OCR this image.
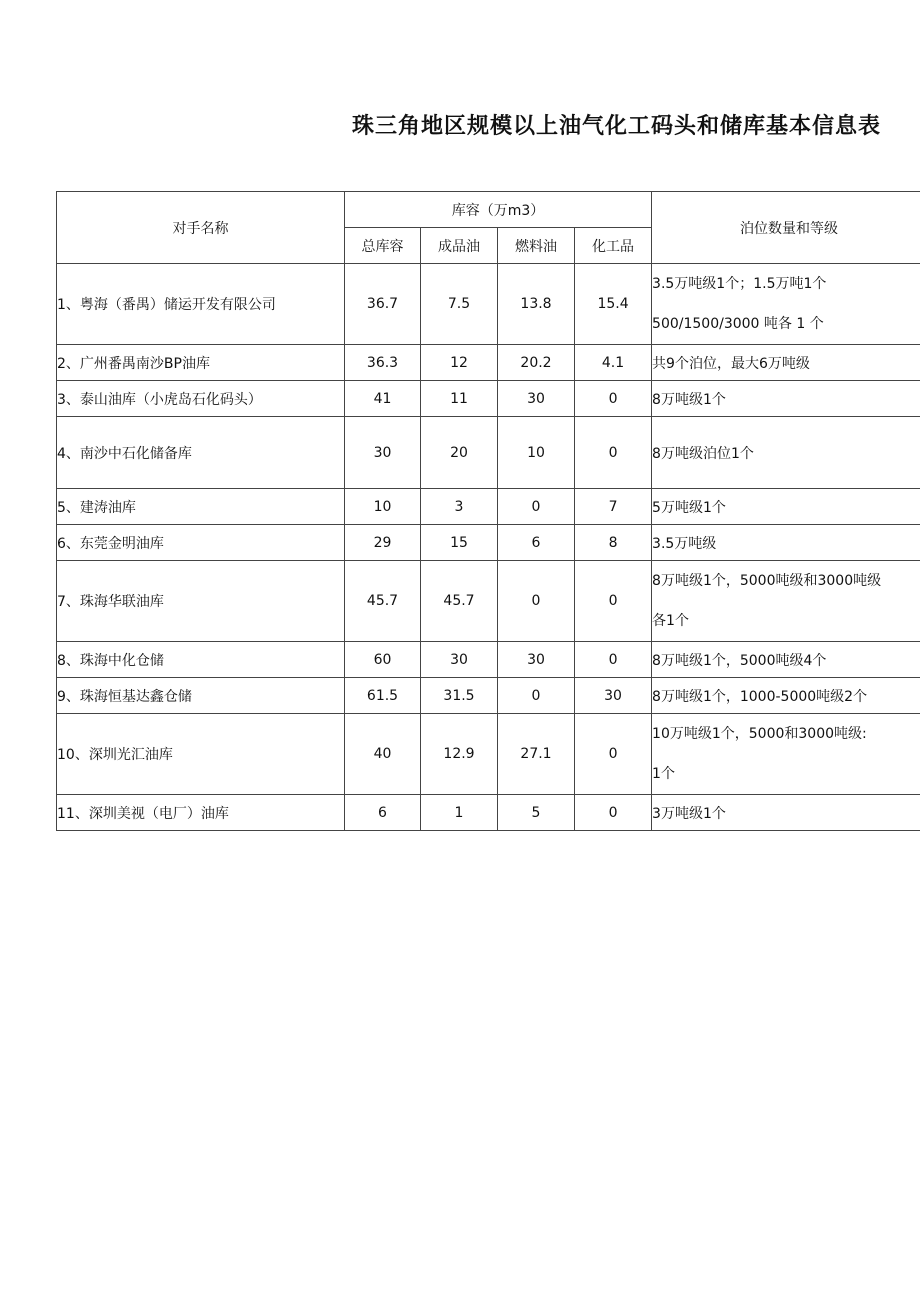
珠三角地区规模以上油气化工码头和储库基本信息表
对手名称	库容（万m3）				泊位数量和等级
	总库容	成品油	燃料油	化工品	
1、粤海（番禺）储运开发有限公司	36.7	7.5	13.8	15.4	3.5万吨级1个；1.5万吨1个
500/1500/3000 吨各 1 个

2、广州番禺南沙BP油库	36.3	12	20.2	4.1	共9个泊位，最大6万吨级

3、泰山油库（小虎岛石化码头）	41	11	30	0	8万吨级1个

4、南沙中石化储备库	30	20	10	0	8万吨级泊位1个

5、建涛油库	10	3	0	7	5万吨级1个

6、东莞金明油库	29	15	6	8	3.5万吨级

7、珠海华联油库	45.7	45.7	0	0	8万吨级1个，5000吨级和3000吨级
各1个

8、珠海中化仓储	60	30	30	0	8万吨级1个，5000吨级4个

9、珠海恒基达鑫仓储	61.5	31.5	0	30	8万吨级1个，1000-5000吨级2个

10、深圳光汇油库	40	12.9	27.1	0	10万吨级1个，5000和3000吨级:
1个

11、深圳美视（电厂）油库	6	1	5	0	3万吨级1个
